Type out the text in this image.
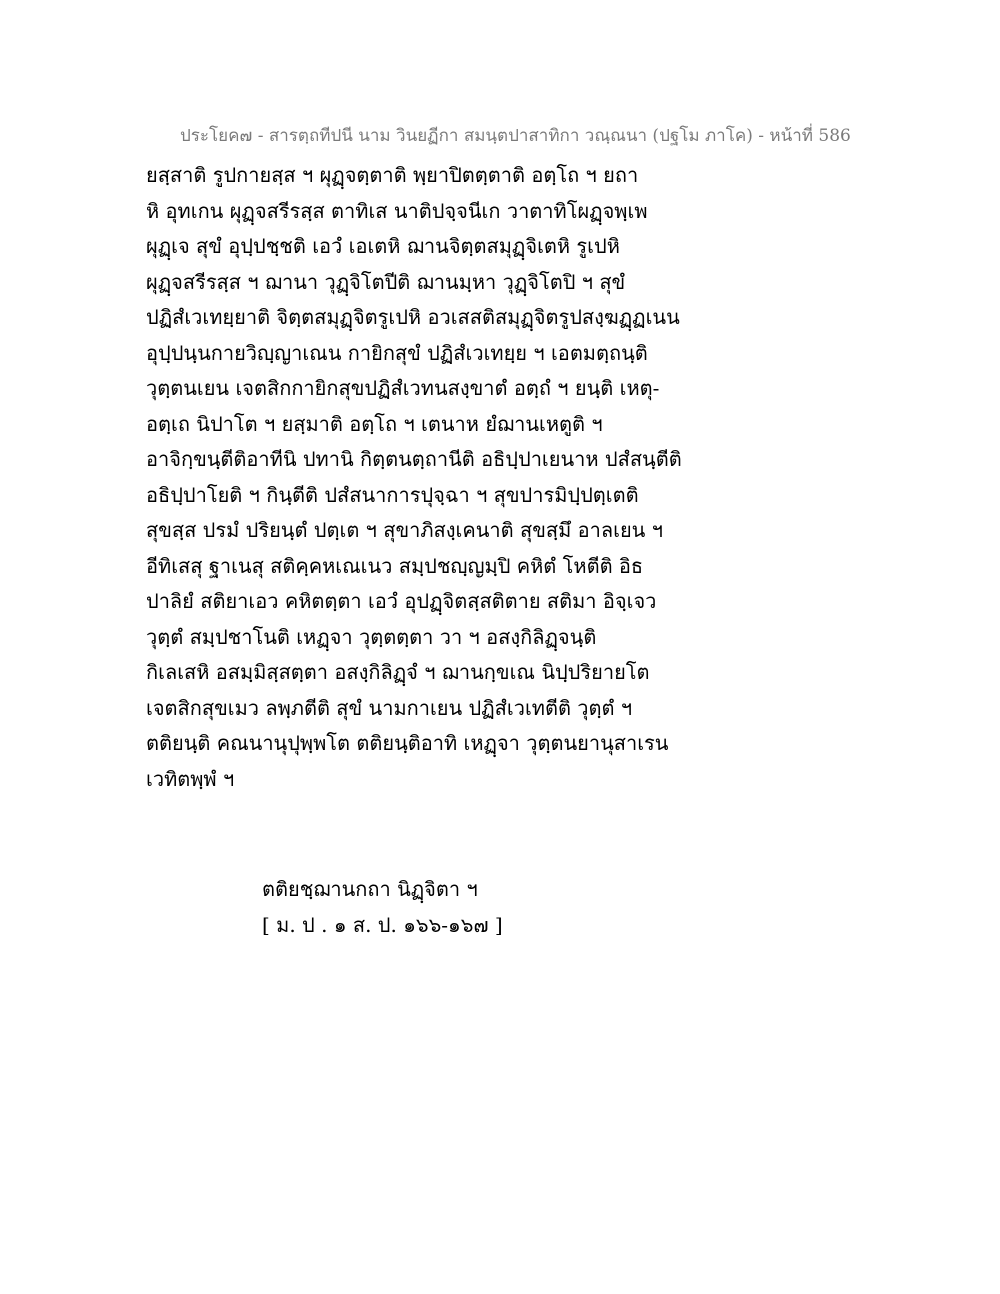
ประโยค๗ - สารตฺถทีปนี นาม วินยฏีกา สมนฺตปาสาทิกา วณฺณนา (ปฐโม ภาโค) - หน้าที่ 586
ยสฺสาติ รูปกายสฺส ฯ ผุฏฺจตฺตาติ พฺยาปิตตฺตาติ อตฺโถ ฯ ยถา
หิ อุทเกน ผุฏฺจสรีรสฺส ตาทิเส นาติปจฺจนีเก วาตาทิโผฏฺจพฺเพ
ผุฏฺเจ สุขํ อุปฺปชฺชติ เอวํ เอเตหิ ฌานจิตฺตสมุฏฺจิเตหิ รูเปหิ
ผุฏฺจสรีรสฺส ฯ ฌานา วุฏฺจิโตปีติ ฌานมฺหา วุฏฺจิโตปิ ฯ สุขํ
ปฏิสํเวเทยฺยาติ จิตฺตสมุฏฺจิตรูเปหิ อวเสสติสมุฏฺจิตรูปสงฺฆฏฺฏเนน
อุปฺปนฺนกายวิญฺญาเณน กายิกสุขํ ปฏิสํเวเทยฺย ฯ เอตมตฺถนฺติ
วุตฺตนเยน เจตสิกกายิกสุขปฏิสํเวทนสงฺขาตํ อตฺถํ ฯ ยนฺติ เหตุ-
อตฺเถ นิปาโต ฯ ยสฺมาติ อตฺโถ ฯ เตนาห ยํฌานเหตูติ ฯ
อาจิกฺขนฺตีติอาทีนิ ปทานิ กิตฺตนตฺถานีติ อธิปฺปาเยนาห ปสํสนฺตีติ
อธิปฺปาโยติ ฯ กินฺตีติ ปสํสนาการปุจฺฉา ฯ สุขปารมิปฺปตฺเตติ
สุขสฺส ปรมํ ปริยนฺตํ ปตฺเต ฯ สุขาภิสงฺเคนาติ สุขสฺมึ อาลเยน ฯ
อีทิเสสุ ฐาเนสุ สติคฺคหเณเนว สมฺปชญฺญมฺปิ คหิตํ โหตีติ อิธ
ปาลิยํ สติยาเอว คหิตตฺตา เอวํ อุปฏฺจิตสฺสติตาย สติมา อิจฺเจว
วุตฺตํ สมฺปชาโนติ เหฏฺจา วุตฺตตฺตา วา ฯ อสงฺกิลิฏฺจนฺติ
กิเลเสหิ อสมฺมิสฺสตฺตา อสงฺกิลิฏฺจํ ฯ ฌานกฺขเณ นิปฺปริยายโต
เจตสิกสุขเมว ลพฺภตีติ สุขํ นามกาเยน ปฏิสํเวเทตีติ วุตฺตํ ฯ
ตติยนฺติ คณนานุปุพฺพโต ตติยนฺติอาทิ เหฏฺจา วุตฺตนยานุสาเรน
เวทิตพฺพํ ฯ
ตติยชฺฌานกถา นิฏฺจิตา ฯ
[ ม. ป . ๑ ส. ป. ๑๖๖-๑๖๗ ]
